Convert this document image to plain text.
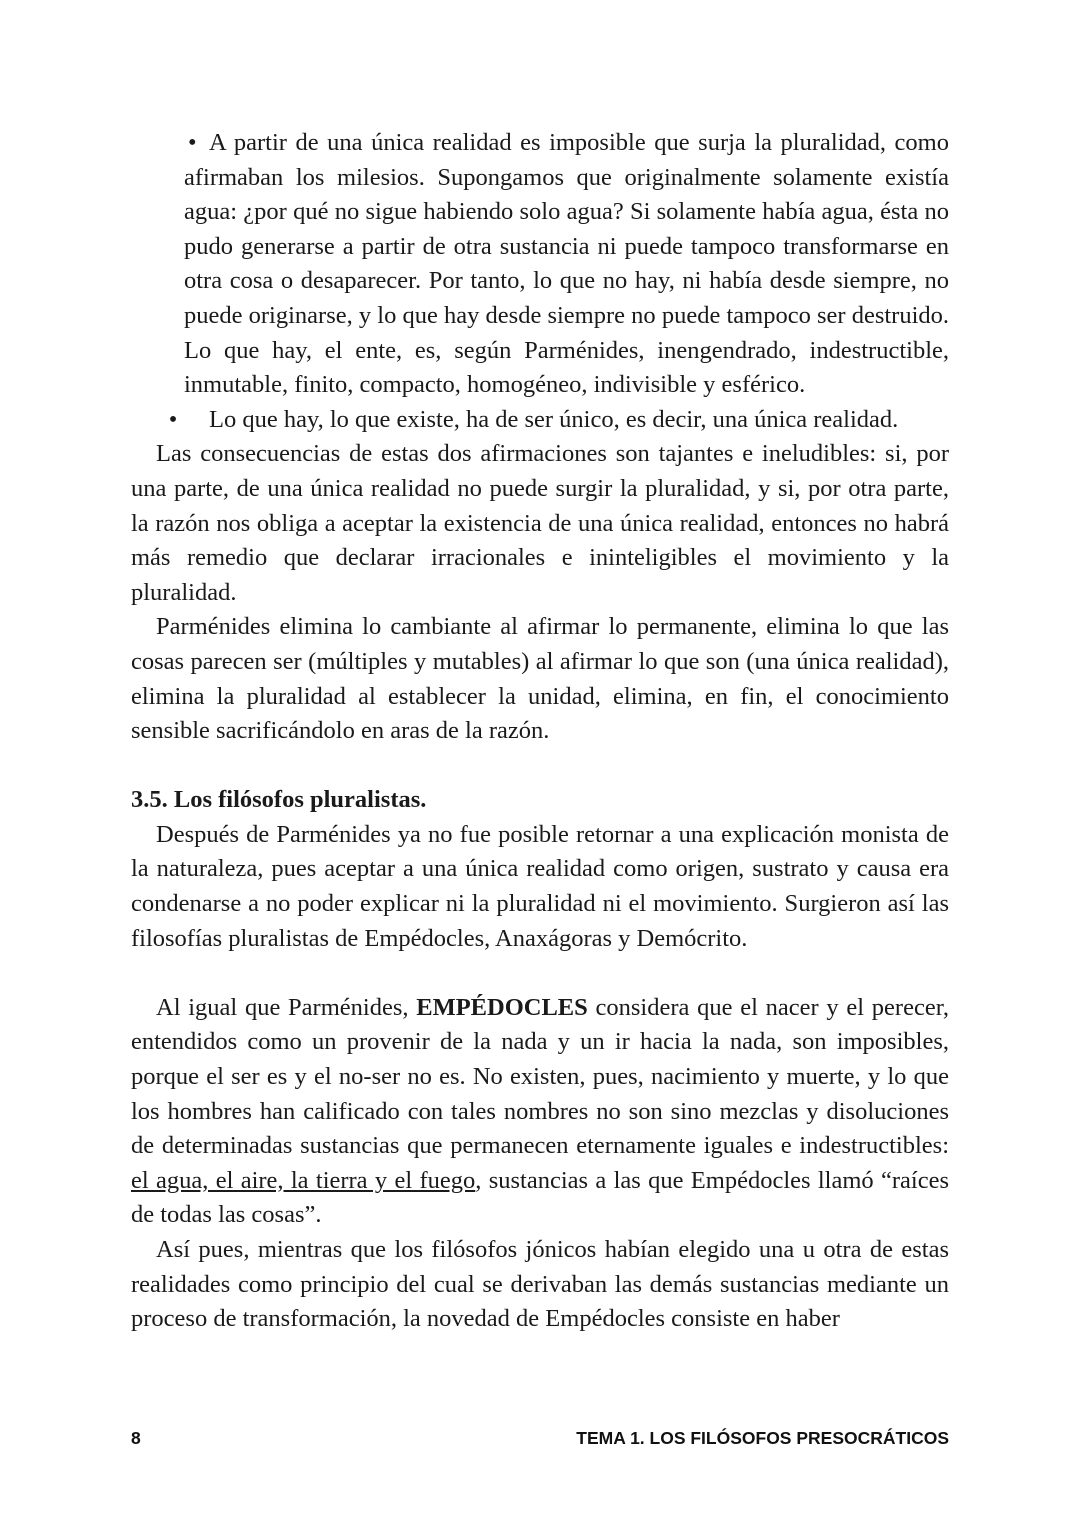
•
A partir de una única realidad es imposible que surja la pluralidad, como afirmaban los milesios. Supongamos que originalmente solamente existía agua: ¿por qué no sigue habiendo solo agua? Si solamente había agua, ésta no pudo generarse a partir de otra sustancia ni puede tampoco transformarse en otra cosa o desaparecer. Por tanto, lo que no hay, ni había desde siempre, no puede originarse, y lo que hay desde siempre no puede tampoco ser destruido. Lo que hay, el ente, es, según Parménides, inengendrado, indestructible, inmutable, finito, compacto, homogéneo, indivisible y esférico.
•
Lo que hay, lo que existe, ha de ser único, es decir, una única realidad.

Las consecuencias de estas dos afirmaciones son tajantes e ineludibles: si, por una parte, de una única realidad no puede surgir la pluralidad, y si, por otra parte, la razón nos obliga a aceptar la existencia de una única realidad, entonces no habrá más remedio que declarar irracionales e ininteligibles el movimiento y la pluralidad.

Parménides elimina lo cambiante al afirmar lo permanente, elimina lo que las cosas parecen ser (múltiples y mutables) al afirmar lo que son (una única realidad), elimina la pluralidad al establecer la unidad, elimina, en fin, el conocimiento sensible sacrificándolo en aras de la razón.

3.5. Los filósofos pluralistas.

Después de Parménides ya no fue posible retornar a una explicación monista de la naturaleza, pues aceptar a una única realidad como origen, sustrato y causa era condenarse a no poder explicar ni la pluralidad ni el movimiento. Surgieron así las filosofías pluralistas de Empédocles, Anaxágoras y Demócrito.

Al igual que Parménides, EMPÉDOCLES considera que el nacer y el perecer, entendidos como un provenir de la nada y un ir hacia la nada, son imposibles, porque el ser es y el no-ser no es. No existen, pues, nacimiento y muerte, y lo que los hombres han calificado con tales nombres no son sino mezclas y disoluciones de determinadas sustancias que permanecen eternamente iguales e indestructibles: el agua, el aire, la tierra y el fuego, sustancias a las que Empédocles llamó “raíces de todas las cosas”.

Así pues, mientras que los filósofos jónicos habían elegido una u otra de estas realidades como principio del cual se derivaban las demás sustancias mediante un proceso de transformación, la novedad de Empédocles consiste en haber

8	TEMA 1. LOS FILÓSOFOS PRESOCRÁTICOS
